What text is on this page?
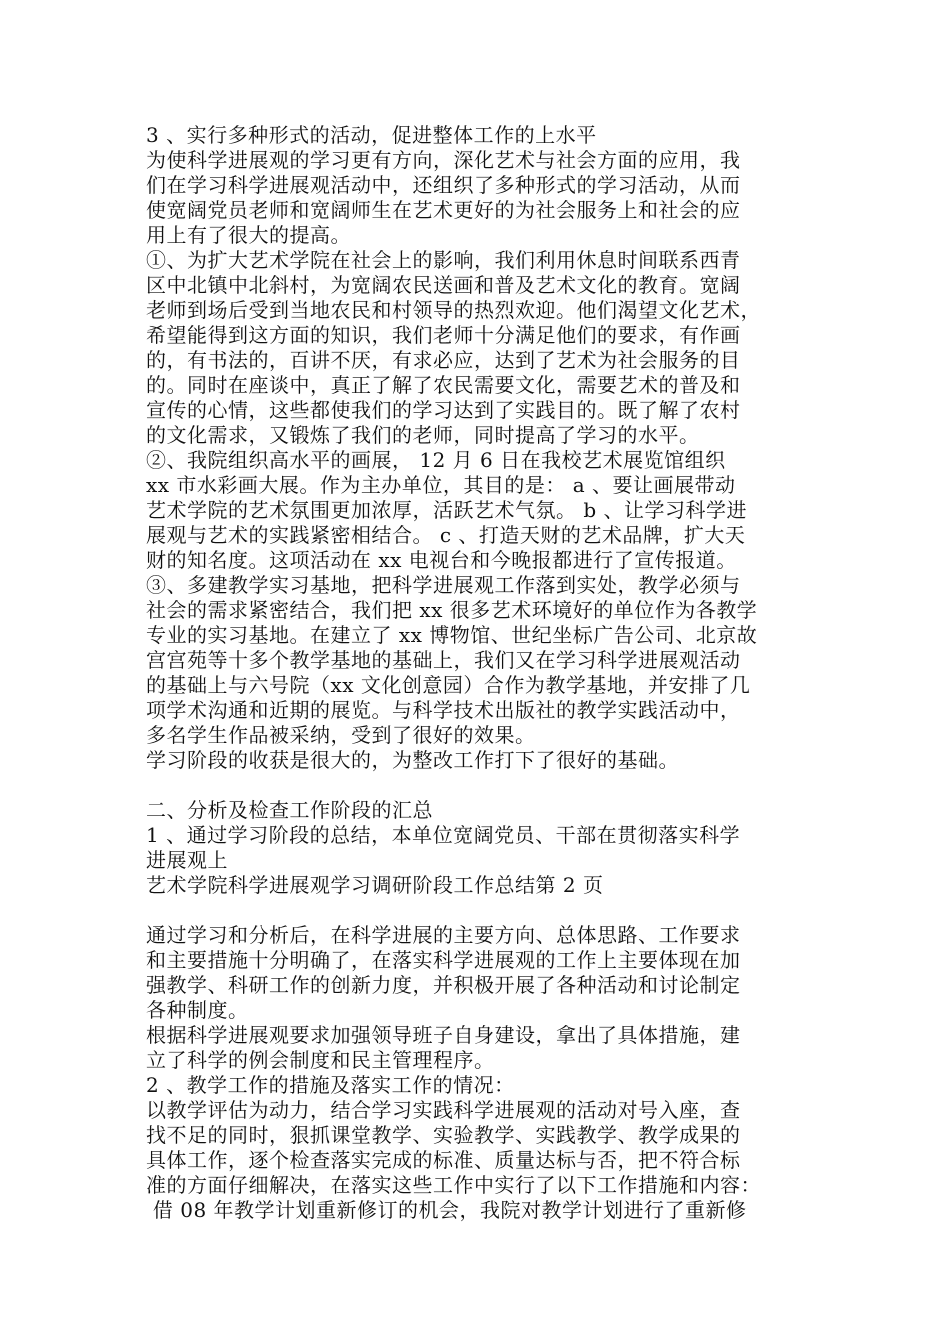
3 、实行多种形式的活动，促进整体工作的上水平
为使科学进展观的学习更有方向，深化艺术与社会方面的应用，我
们在学习科学进展观活动中，还组织了多种形式的学习活动，从而
使宽阔党员老师和宽阔师生在艺术更好的为社会服务上和社会的应
用上有了很大的提高。
①、为扩大艺术学院在社会上的影响，我们利用休息时间联系西青
区中北镇中北斜村，为宽阔农民送画和普及艺术文化的教育。宽阔
老师到场后受到当地农民和村领导的热烈欢迎。他们渴望文化艺术，
希望能得到这方面的知识，我们老师十分满足他们的要求，有作画
的，有书法的，百讲不厌，有求必应，达到了艺术为社会服务的目
的。同时在座谈中，真正了解了农民需要文化，需要艺术的普及和
宣传的心情，这些都使我们的学习达到了实践目的。既了解了农村
的文化需求，又锻炼了我们的老师，同时提高了学习的水平。
②、我院组织高水平的画展， 12 月 6 日在我校艺术展览馆组织
xx 市水彩画大展。作为主办单位，其目的是： a 、要让画展带动
艺术学院的艺术氛围更加浓厚，活跃艺术气氛。 b 、让学习科学进
展观与艺术的实践紧密相结合。 c 、打造天财的艺术品牌，扩大天
财的知名度。这项活动在 xx 电视台和今晚报都进行了宣传报道。
③、多建教学实习基地，把科学进展观工作落到实处，教学必须与
社会的需求紧密结合，我们把 xx 很多艺术环境好的单位作为各教学
专业的实习基地。在建立了 xx 博物馆、世纪坐标广告公司、北京故
宫宫苑等十多个教学基地的基础上，我们又在学习科学进展观活动
的基础上与六号院（xx 文化创意园）合作为教学基地，并安排了几
项学术沟通和近期的展览。与科学技术出版社的教学实践活动中，
多名学生作品被采纳，受到了很好的效果。
学习阶段的收获是很大的，为整改工作打下了很好的基础。
二、分析及检查工作阶段的汇总
1 、通过学习阶段的总结，本单位宽阔党员、干部在贯彻落实科学
进展观上
艺术学院科学进展观学习调研阶段工作总结第 2 页
通过学习和分析后，在科学进展的主要方向、总体思路、工作要求
和主要措施十分明确了，在落实科学进展观的工作上主要体现在加
强教学、科研工作的创新力度，并积极开展了各种活动和讨论制定
各种制度。
根据科学进展观要求加强领导班子自身建设，拿出了具体措施，建
立了科学的例会制度和民主管理程序。
2 、教学工作的措施及落实工作的情况：
以教学评估为动力，结合学习实践科学进展观的活动对号入座，查
找不足的同时，狠抓课堂教学、实验教学、实践教学、教学成果的
具体工作，逐个检查落实完成的标准、质量达标与否，把不符合标
准的方面仔细解决，在落实这些工作中实行了以下工作措施和内容：
借 08 年教学计划重新修订的机会，我院对教学计划进行了重新修
